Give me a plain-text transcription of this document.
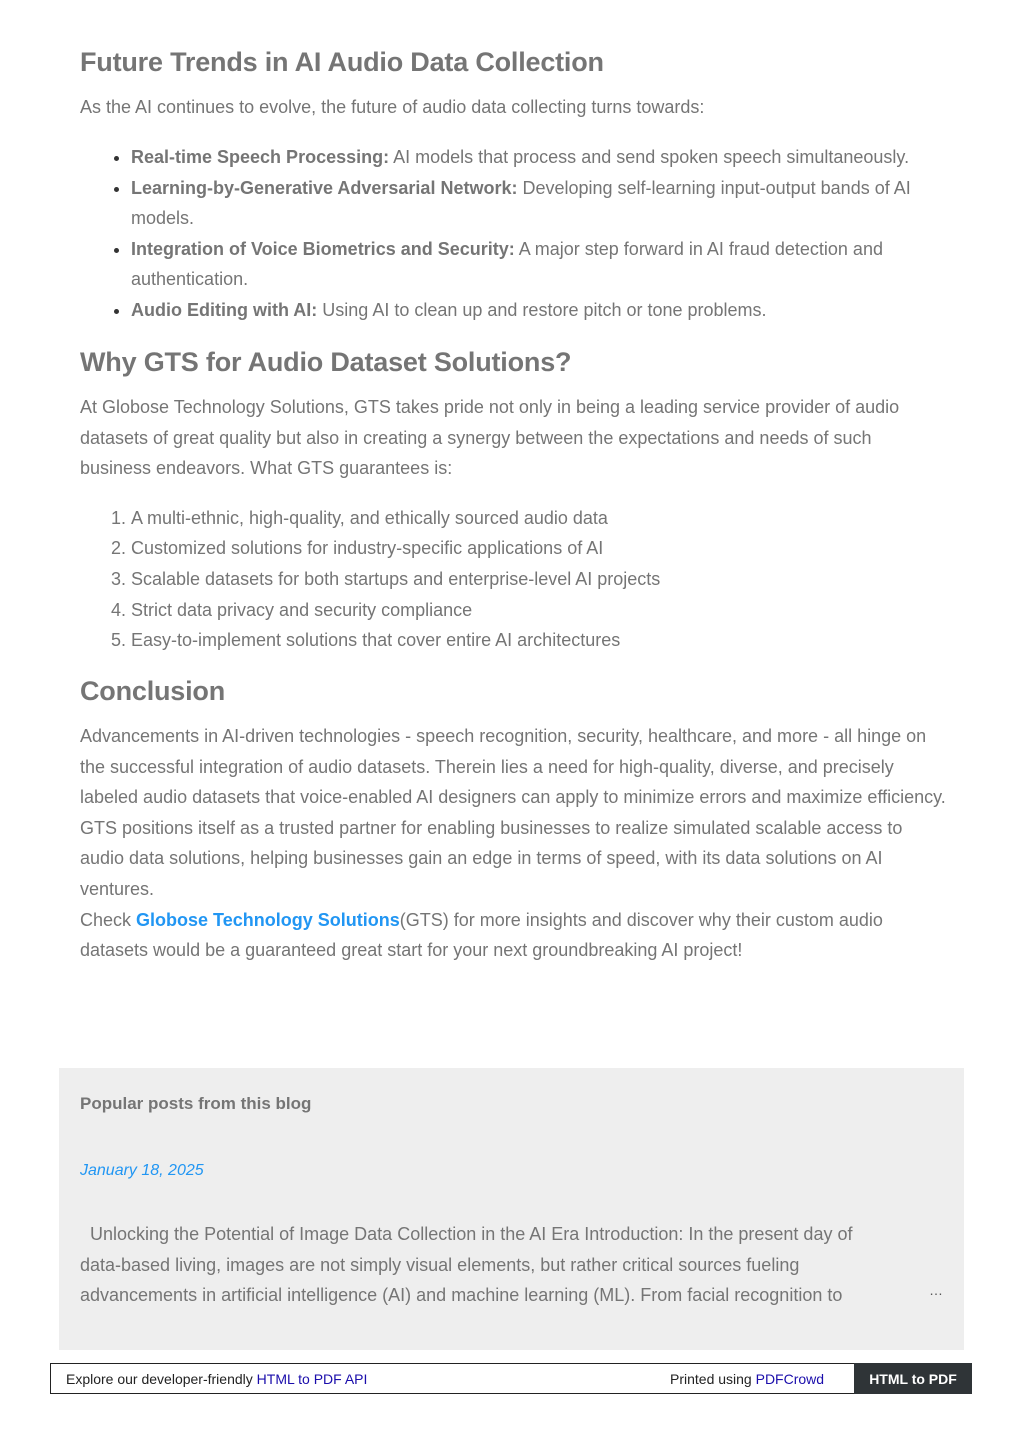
Future Trends in AI Audio Data Collection

As the AI continues to evolve, the future of audio data collecting turns towards:

• Real-time Speech Processing: AI models that process and send spoken speech simultaneously.
• Learning-by-Generative Adversarial Network: Developing self-learning input-output bands of AI models.
• Integration of Voice Biometrics and Security: A major step forward in AI fraud detection and authentication.
• Audio Editing with AI: Using AI to clean up and restore pitch or tone problems.
Why GTS for Audio Dataset Solutions?

At Globose Technology Solutions, GTS takes pride not only in being a leading service provider of audio datasets of great quality but also in creating a synergy between the expectations and needs of such business endeavors. What GTS guarantees is:

1. A multi-ethnic, high-quality, and ethically sourced audio data
2. Customized solutions for industry-specific applications of AI
3. Scalable datasets for both startups and enterprise-level AI projects
4. Strict data privacy and security compliance
5. Easy-to-implement solutions that cover entire AI architectures
Conclusion

Advancements in AI-driven technologies - speech recognition, security, healthcare, and more - all hinge on the successful integration of audio datasets. Therein lies a need for high-quality, diverse, and precisely labeled audio datasets that voice-enabled AI designers can apply to minimize errors and maximize efficiency. GTS positions itself as a trusted partner for enabling businesses to realize simulated scalable access to audio data solutions, helping businesses gain an edge in terms of speed, with its data solutions on AI ventures.
Check Globose Technology Solutions(GTS) for more insights and discover why their custom audio datasets would be a guaranteed great start for your next groundbreaking AI project!

Popular posts from this blog
January 18, 2025
Unlocking the Potential of Image Data Collection in the AI Era Introduction: In the present day of data-based living, images are not simply visual elements, but rather critical sources fueling advancements in artificial intelligence (AI) and machine learning (ML). From facial recognition to	…
Explore our developer-friendly HTML to PDF API	Printed using PDFCrowd	HTML to PDF
